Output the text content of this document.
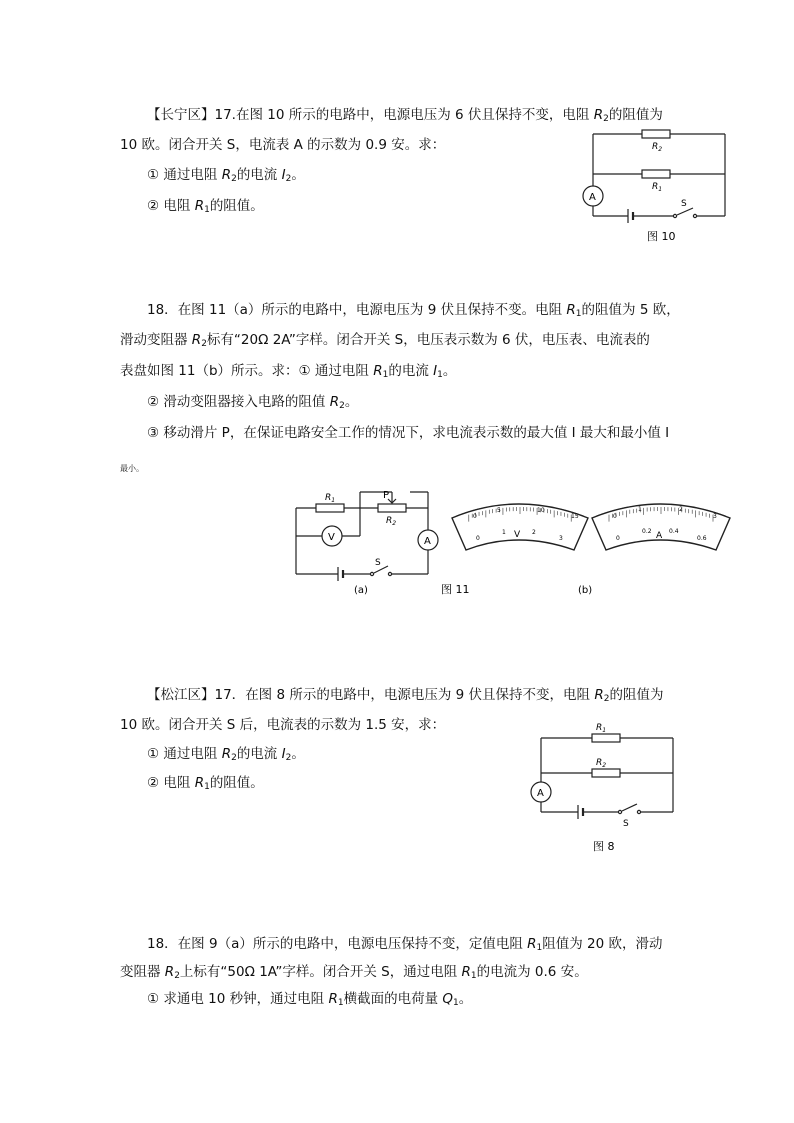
【长宁区】17.在图 10 所示的电路中，电源电压为 6 伏且保持不变，电阻 $R_2$的阻值为
10 欧。闭合开关 S，电流表 A 的示数为 0.9 安。求：
① 通过电阻 $R_2$的电流 $I_2$。
② 电阻 $R_1$的阻值。
$R_2$
$R_1$
A
S
图 10
18．在图 11（a）所示的电路中，电源电压为 9 伏且保持不变。电阻 $R_1$的阻值为 5 欧，
滑动变阻器 $R_2$标有“20Ω 2A”字样。闭合开关 S，电压表示数为 6 伏，电压表、电流表的
表盘如图 11（b）所示。求：① 通过电阻 $R_1$的电流 $I_1$。
② 滑动变阻器接入电路的阻值 $R_2$。
③ 移动滑片 P，在保证电路安全工作的情况下，求电流表示数的最大值 I 最大和最小值 I
最小。
$R_1$
$R_2$
P
V	A
S
(a)	图 11	(b)
0
5	10
15
0
1	2
3
V
0
1	2
3
0
0.2	0.4
0.6
A
【松江区】17．在图 8 所示的电路中，电源电压为 9 伏且保持不变，电阻 $R_2$的阻值为
10 欧。闭合开关 S 后，电流表的示数为 1.5 安，求：
① 通过电阻 $R_2$的电流 $I_2$。
② 电阻 $R_1$的阻值。
$R_1$
$R_2$
A
S
图 8
18．在图 9（a）所示的电路中，电源电压保持不变，定值电阻 $R_1$阻值为 20 欧，滑动
变阻器 $R_2$上标有“50Ω 1A”字样。闭合开关 S，通过电阻 $R_1$的电流为 0.6 安。
① 求通电 10 秒钟，通过电阻 $R_1$横截面的电荷量 $Q_1$。
